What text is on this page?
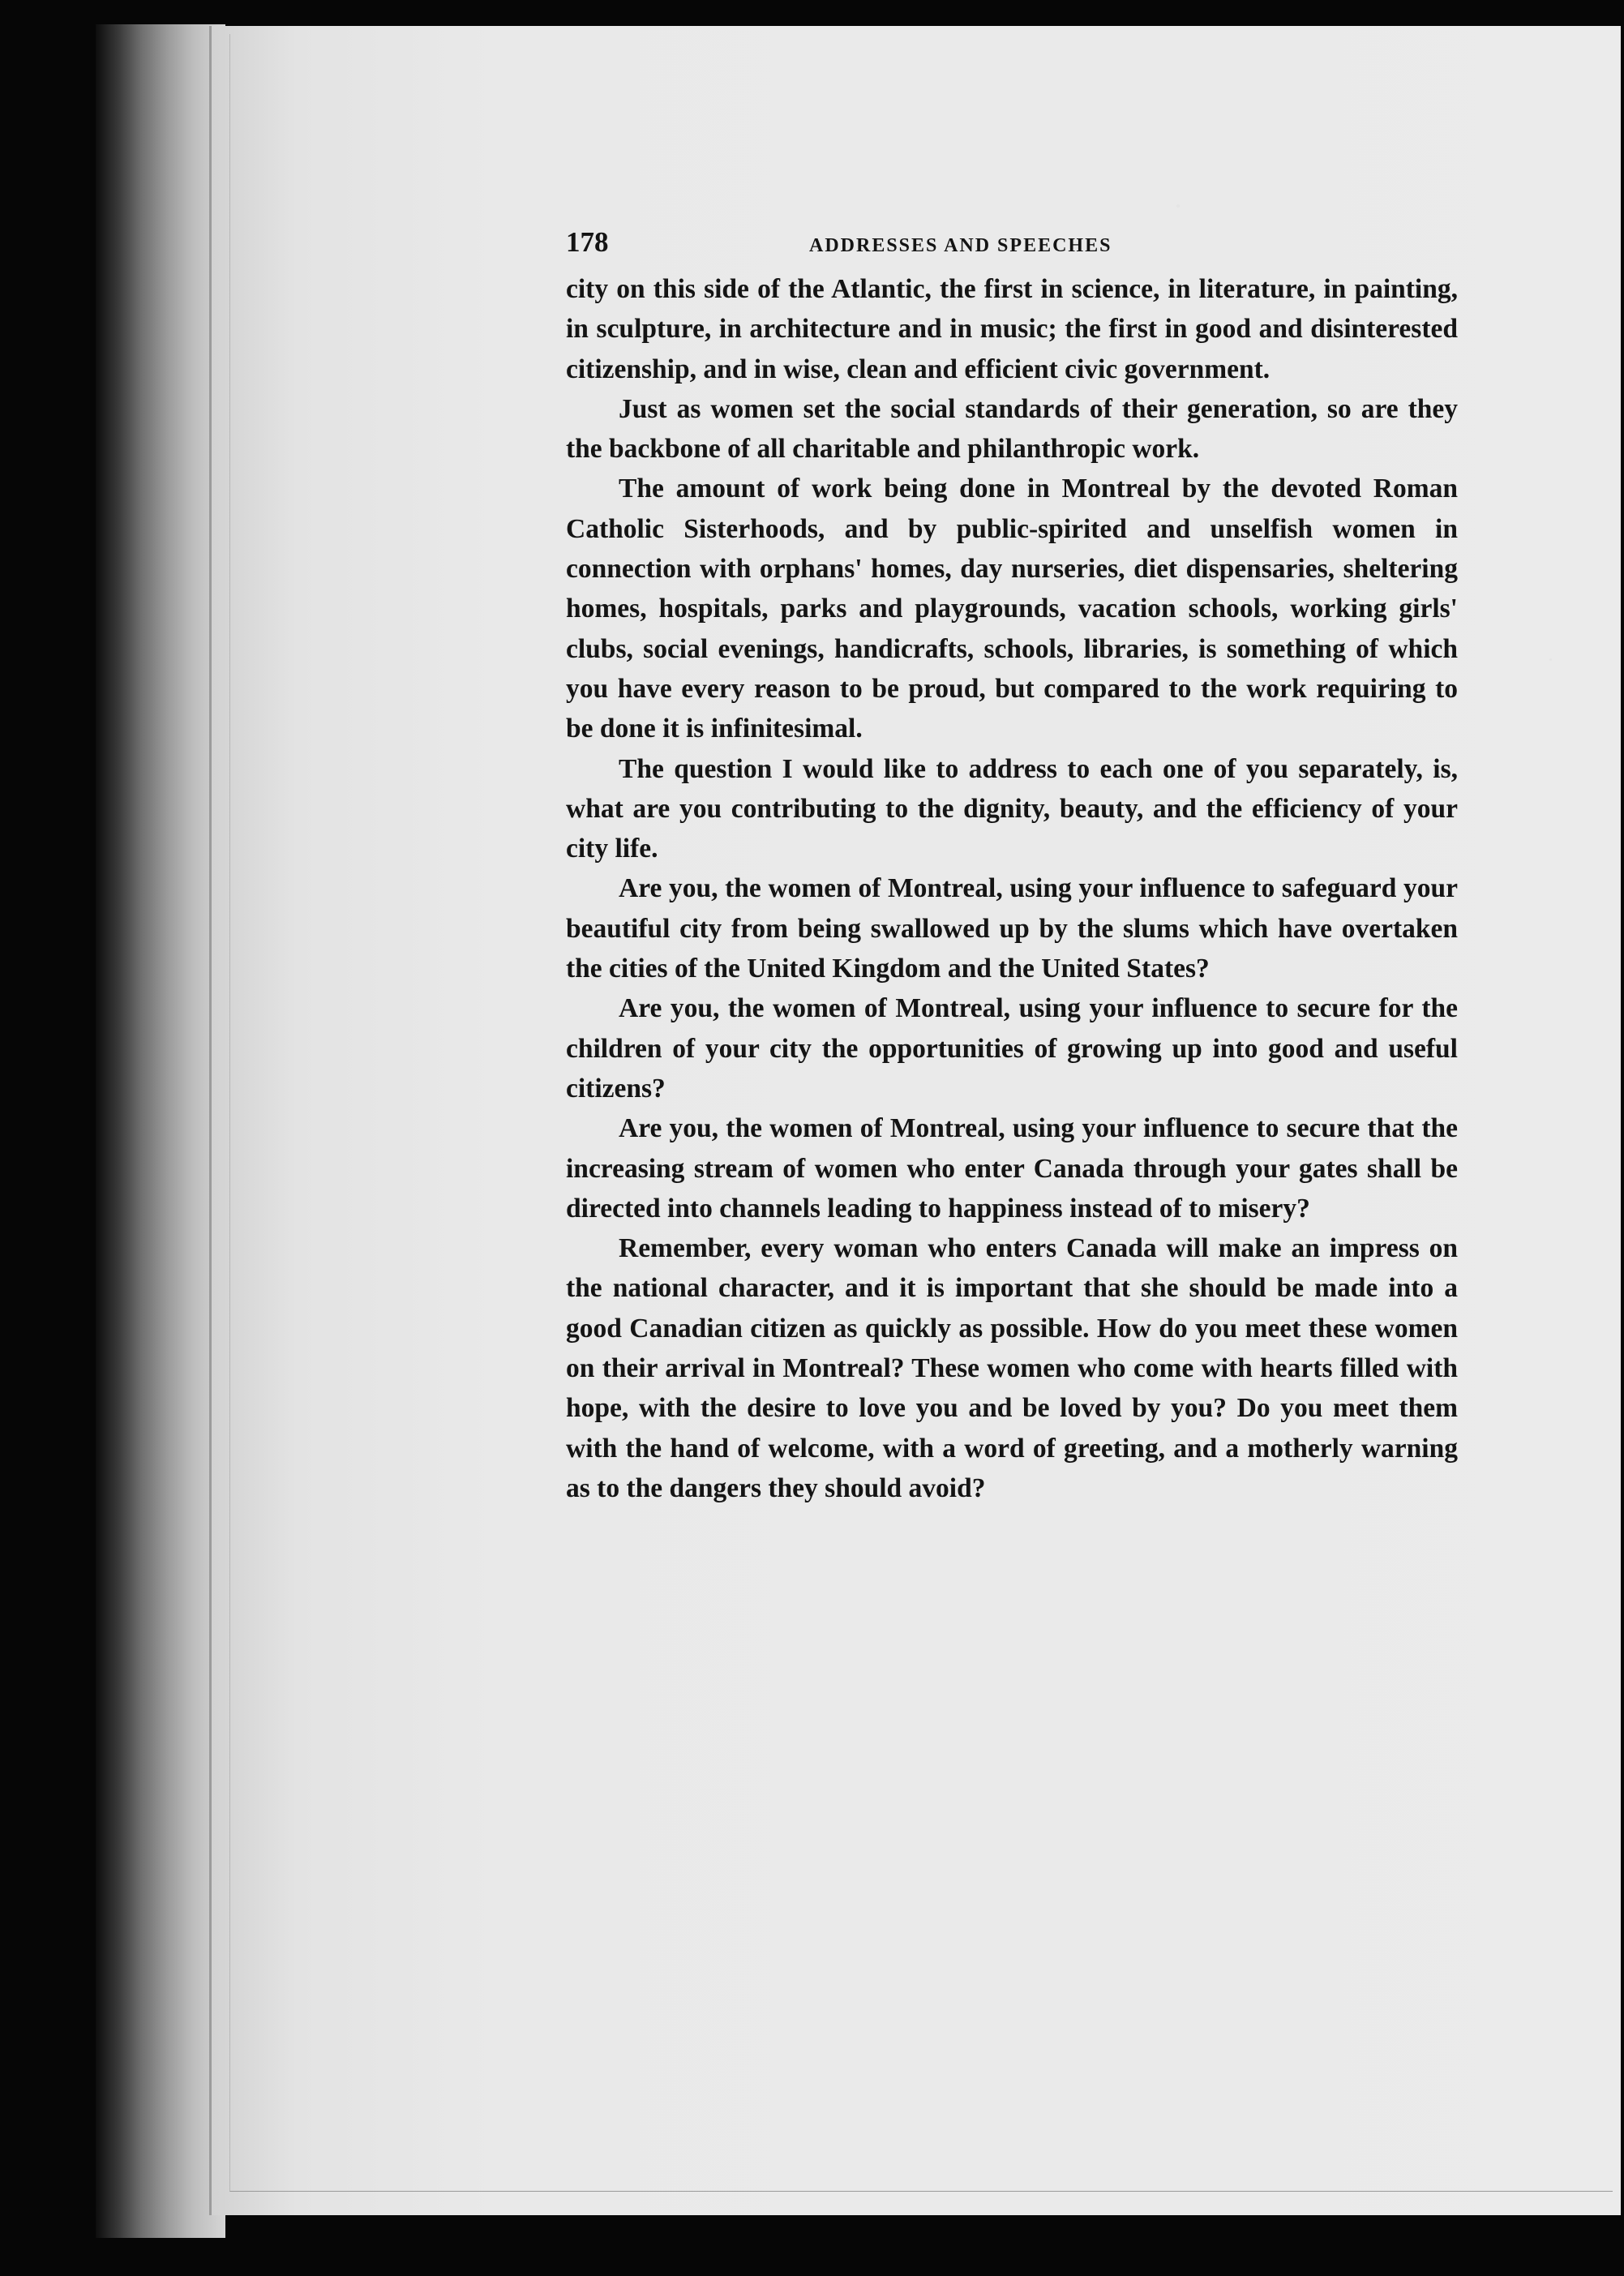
178	ADDRESSES AND SPEECHES

city on this side of the Atlantic, the first in science, in literature, in painting, in sculpture, in architecture and in music; the first in good and disinterested citizenship, and in wise, clean and efficient civic government.

Just as women set the social standards of their generation, so are they the backbone of all charitable and philanthropic work.

The amount of work being done in Montreal by the devoted Roman Catholic Sisterhoods, and by public-spirited and unselfish women in connection with orphans' homes, day nurseries, diet dispensaries, sheltering homes, hospitals, parks and playgrounds, vacation schools, working girls' clubs, social evenings, handicrafts, schools, libraries, is something of which you have every reason to be proud, but compared to the work requiring to be done it is infinitesimal.

The question I would like to address to each one of you separately, is, what are you contributing to the dignity, beauty, and the efficiency of your city life.

Are you, the women of Montreal, using your influence to safeguard your beautiful city from being swallowed up by the slums which have overtaken the cities of the United Kingdom and the United States?

Are you, the women of Montreal, using your influence to secure for the children of your city the opportunities of growing up into good and useful citizens?

Are you, the women of Montreal, using your influence to secure that the increasing stream of women who enter Canada through your gates shall be directed into channels leading to happiness instead of to misery?

Remember, every woman who enters Canada will make an impress on the national character, and it is important that she should be made into a good Canadian citizen as quickly as possible. How do you meet these women on their arrival in Montreal? These women who come with hearts filled with hope, with the desire to love you and be loved by you? Do you meet them with the hand of welcome, with a word of greeting, and a motherly warning as to the dangers they should avoid?
